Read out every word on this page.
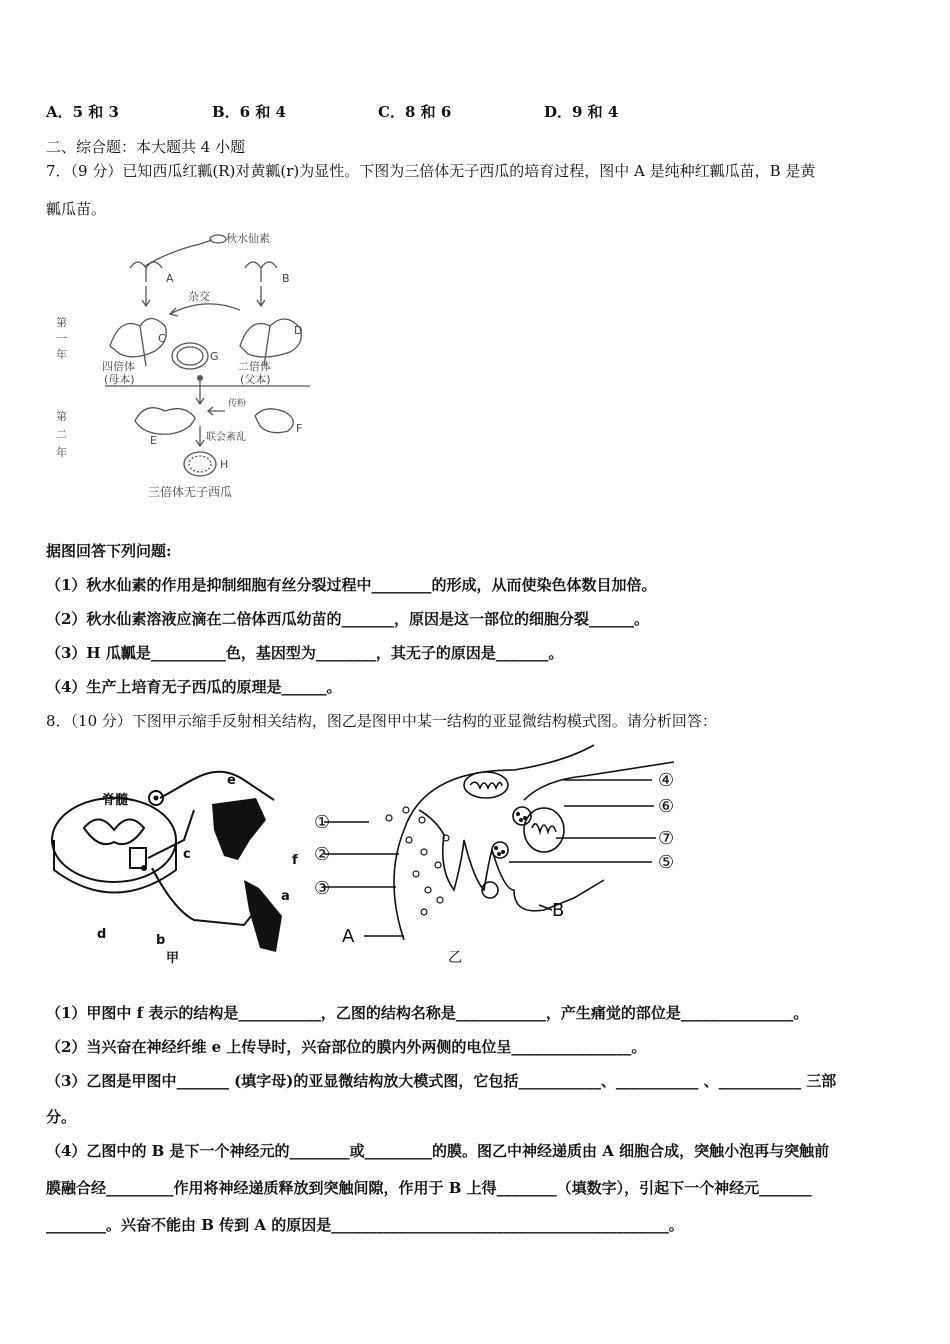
A．5 和 3	B．6 和 4	C．8 和 6	D．9 和 4
二、综合题：本大题共 4 小题
7．（9 分）已知西瓜红瓤(R)对黄瓤(r)为显性。下图为三倍体无子西瓜的培育过程，图中 A 是纯种红瓤瓜苗，B 是黄
瓤瓜苗。
秋水仙素
A	B
杂交
C
D
G
第
一
年
四倍体
(母本)
二倍体
(父本)
第
二
年
传粉
E
F
联会紊乱
H
三倍体无子西瓜
据图回答下列问题:
（1）秋水仙素的作用是抑制细胞有丝分裂过程中________的形成，从而使染色体数目加倍。
（2）秋水仙素溶液应滴在二倍体西瓜幼苗的_______，原因是这一部位的细胞分裂______。
（3）H 瓜瓤是__________色，基因型为________，其无子的原因是_______。
（4）生产上培育无子西瓜的原理是______。
8．（10 分）下图甲示缩手反射相关结构，图乙是图甲中某一结构的亚显微结构模式图。请分析回答：
脊髓
e
c	f
a
d	b
甲
①
②
③
④
⑥
⑦
⑤
A
B
乙
（1）甲图中 f 表示的结构是___________，乙图的结构名称是____________，产生痛觉的部位是_______________。
（2）当兴奋在神经纤维 e 上传导时，兴奋部位的膜内外两侧的电位呈________________。
（3）乙图是甲图中_______ (填字母)的亚显微结构放大模式图，它包括___________、___________ 、___________ 三部
分。
（4）乙图中的 B 是下一个神经元的________或_________的膜。图乙中神经递质由 A 细胞合成，突触小泡再与突触前
膜融合经_________作用将神经递质释放到突触间隙，作用于 B 上得________（填数字），引起下一个神经元_______
________。兴奋不能由 B 传到 A 的原因是_____________________________________________。
